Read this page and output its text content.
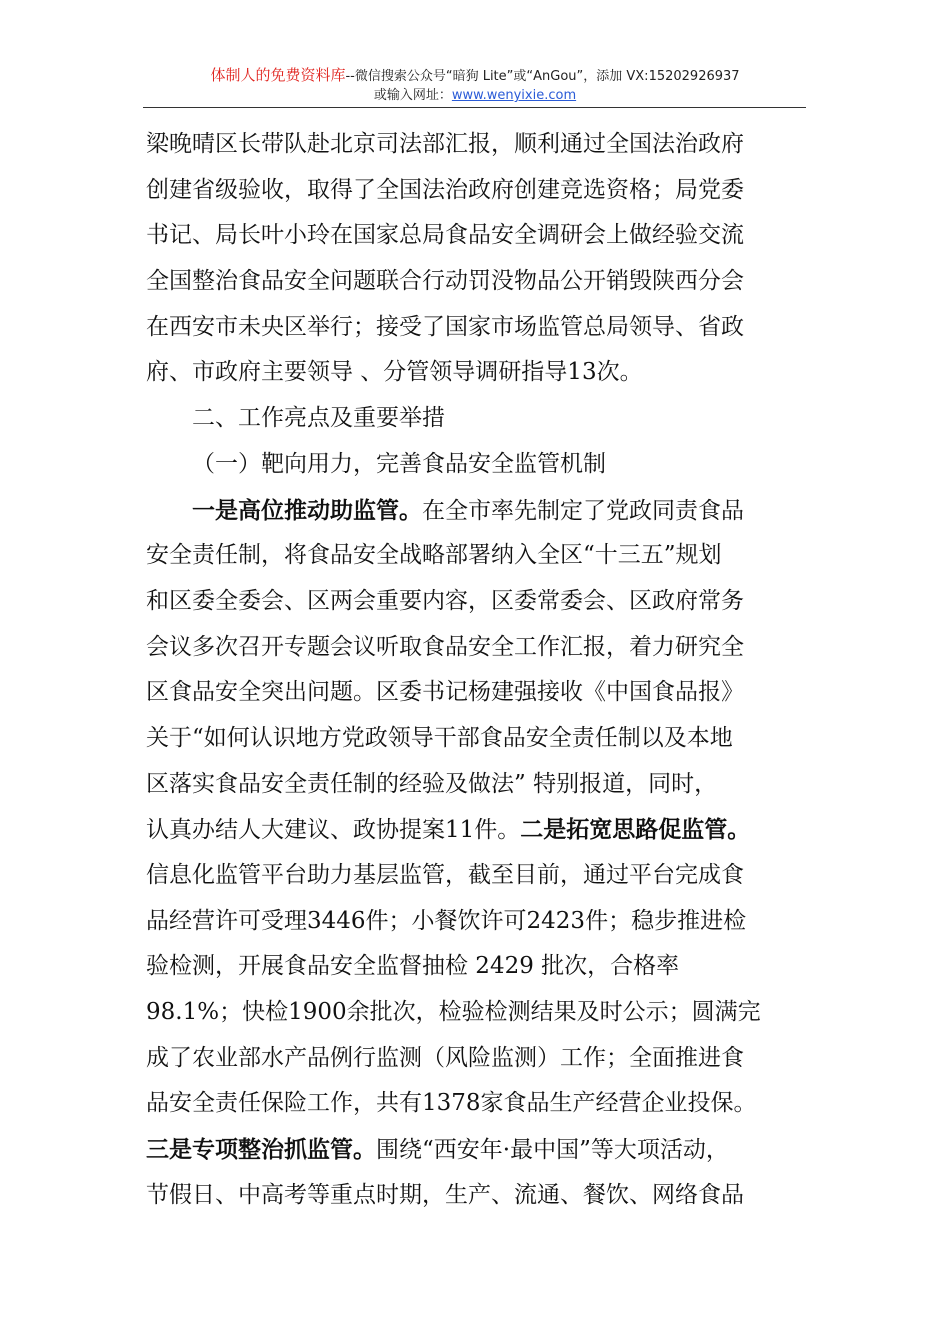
体制人的免费资料库--微信搜索公众号“暗狗 Lite”或“AnGou”，添加 VX:15202926937
或输入网址：www.wenyixie.com
梁晚晴区长带队赴北京司法部汇报，顺利通过全国法治政府
创建省级验收，取得了全国法治政府创建竞选资格；局党委
书记、局长叶小玲在国家总局食品安全调研会上做经验交流
全国整治食品安全问题联合行动罚没物品公开销毁陕西分会
在西安市未央区举行；接受了国家市场监管总局领导、省政
府、市政府主要领导 、分管领导调研指导13次。
二、工作亮点及重要举措
（一）靶向用力，完善食品安全监管机制
一是高位推动助监管。在全市率先制定了党政同责食品
安全责任制，将食品安全战略部署纳入全区“十三五”规划
和区委全委会、区两会重要内容，区委常委会、区政府常务
会议多次召开专题会议听取食品安全工作汇报，着力研究全
区食品安全突出问题。区委书记杨建强接收《中国食品报》
关于“如何认识地方党政领导干部食品安全责任制以及本地
区落实食品安全责任制的经验及做法” 特别报道，同时，
认真办结人大建议、政协提案11件。二是拓宽思路促监管。
信息化监管平台助力基层监管，截至目前，通过平台完成食
品经营许可受理3446件；小餐饮许可2423件；稳步推进检
验检测，开展食品安全监督抽检 2429 批次，合格率
98.1%；快检1900余批次，检验检测结果及时公示；圆满完
成了农业部水产品例行监测（风险监测）工作；全面推进食
品安全责任保险工作，共有1378家食品生产经营企业投保。
三是专项整治抓监管。围绕“西安年·最中国”等大项活动，
节假日、中高考等重点时期，生产、流通、餐饮、网络食品
